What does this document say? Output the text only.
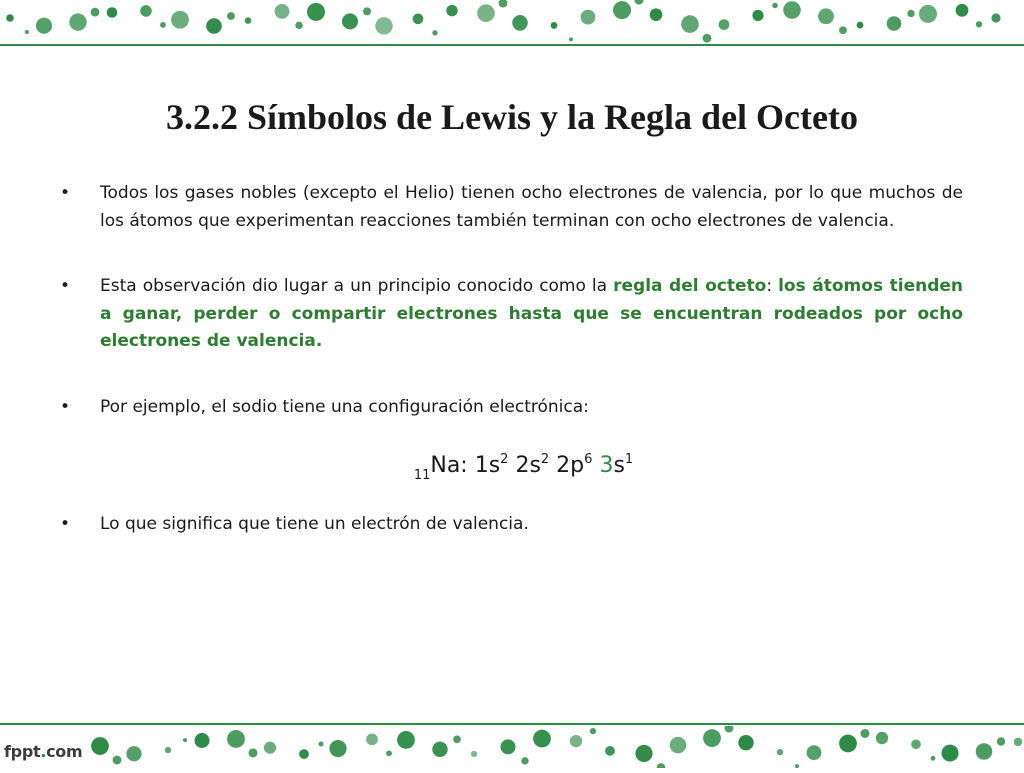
3.2.2 Símbolos de Lewis y la Regla del Octeto
• Todos los gases nobles (excepto el Helio) tienen ocho electrones de valencia, por lo que muchos de los átomos que experimentan reacciones también terminan con ocho electrones de valencia.
• Esta observación dio lugar a un principio conocido como la regla del octeto: los átomos tienden a ganar, perder o compartir electrones hasta que se encuentran rodeados por ocho electrones de valencia.
• Por ejemplo, el sodio tiene una configuración electrónica:
$_{11}$Na: $1s^2$ $2s^2$ $2p^6$ $3s^1$
• Lo que significa que tiene un electrón de valencia.
fppt.com
